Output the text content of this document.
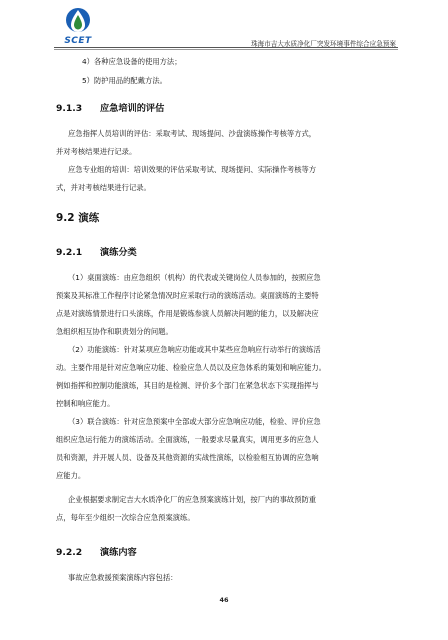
SCET	珠海市吉大水质净化厂突发环境事件综合应急预案
4）各种应急设备的使用方法；
5）防护用品的配戴方法。
9.1.3 应急培训的评估
应急指挥人员培训的评估：采取考试、现场提问、沙盘演练操作考核等方式，
并对考核结果进行记录。
应急专业组的培训：培训效果的评估采取考试、现场提问、实际操作考核等方
式，并对考核结果进行记录。
9.2 演练
9.2.1 演练分类
（1）桌面演练：由应急组织（机构）的代表或关键岗位人员参加的，按照应急
预案及其标准工作程序讨论紧急情况时应采取行动的演练活动。桌面演练的主要特
点是对演练情景进行口头演练，作用是锻炼参演人员解决问题的能力，以及解决应
急组织相互协作和职责划分的问题。
（2）功能演练：针对某项应急响应功能或其中某些应急响应行动举行的演练活
动。主要作用是针对应急响应功能、检验应急人员以及应急体系的策划和响应能力。
例如指挥和控制功能演练，其目的是检测、评价多个部门在紧急状态下实现指挥与
控制和响应能力。
（3）联合演练：针对应急预案中全部或大部分应急响应功能，检验、评价应急
组织应急运行能力的演练活动。全面演练，一般要求尽量真实，调用更多的应急人
员和资源，并开展人员、设备及其他资源的实战性演练，以检验相互协调的应急响
应能力。
企业根据要求制定吉大水质净化厂的应急预案演练计划，按厂内的事故预防重
点，每年至少组织一次综合应急预案演练。
9.2.2 演练内容
事故应急救援预案演练内容包括：
46
